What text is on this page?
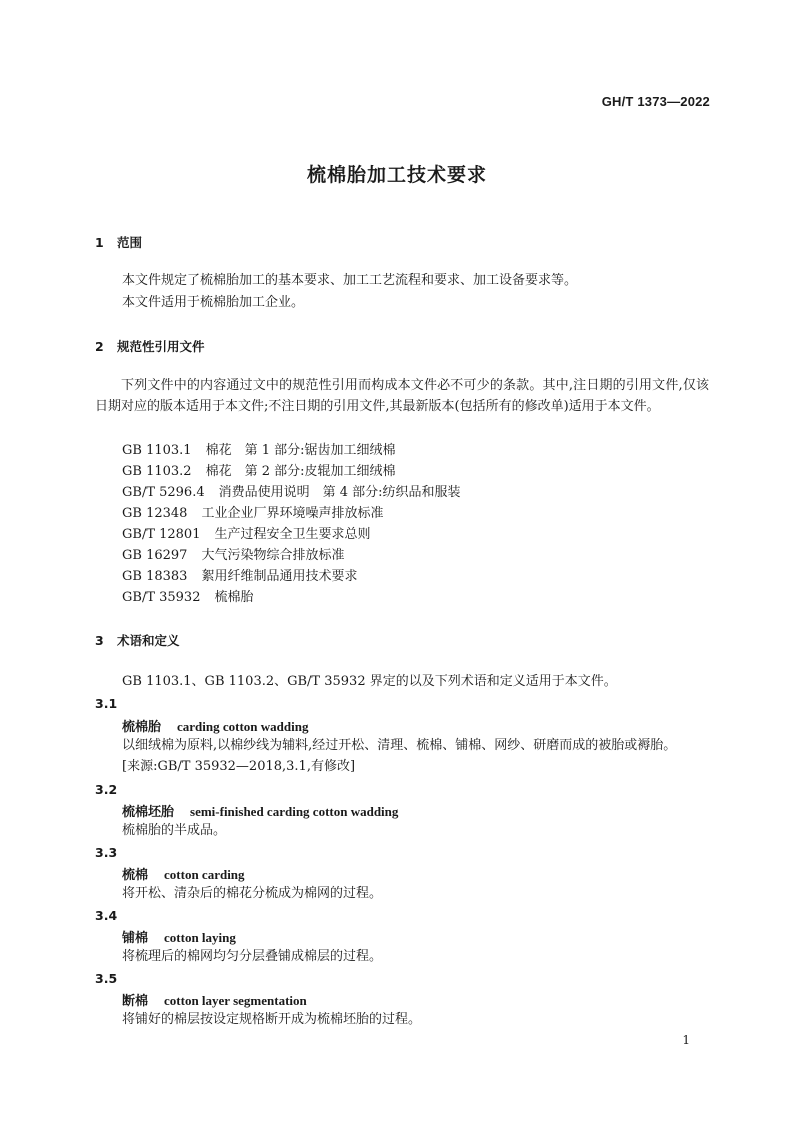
GH/T 1373—2022
梳棉胎加工技术要求
1 范围
本文件规定了梳棉胎加工的基本要求、加工工艺流程和要求、加工设备要求等。
本文件适用于梳棉胎加工企业。
2 规范性引用文件
下列文件中的内容通过文中的规范性引用而构成本文件必不可少的条款。其中,注日期的引用文件,仅该日期对应的版本适用于本文件;不注日期的引用文件,其最新版本(包括所有的修改单)适用于本文件。
GB 1103.1 棉花　第 1 部分:锯齿加工细绒棉
GB 1103.2 棉花　第 2 部分:皮辊加工细绒棉
GB/T 5296.4 消费品使用说明　第 4 部分:纺织品和服装
GB 12348 工业企业厂界环境噪声排放标准
GB/T 12801 生产过程安全卫生要求总则
GB 16297 大气污染物综合排放标准
GB 18383 絮用纤维制品通用技术要求
GB/T 35932 梳棉胎
3 术语和定义
GB 1103.1、GB 1103.2、GB/T 35932 界定的以及下列术语和定义适用于本文件。
3.1
梳棉胎 carding cotton wadding
以细绒棉为原料,以棉纱线为辅料,经过开松、清理、梳棉、铺棉、网纱、研磨而成的被胎或褥胎。
[来源:GB/T 35932—2018,3.1,有修改]
3.2
梳棉坯胎 semi-finished carding cotton wadding
梳棉胎的半成品。
3.3
梳棉 cotton carding
将开松、清杂后的棉花分梳成为棉网的过程。
3.4
铺棉 cotton laying
将梳理后的棉网均匀分层叠铺成棉层的过程。
3.5
断棉 cotton layer segmentation
将铺好的棉层按设定规格断开成为梳棉坯胎的过程。
1
